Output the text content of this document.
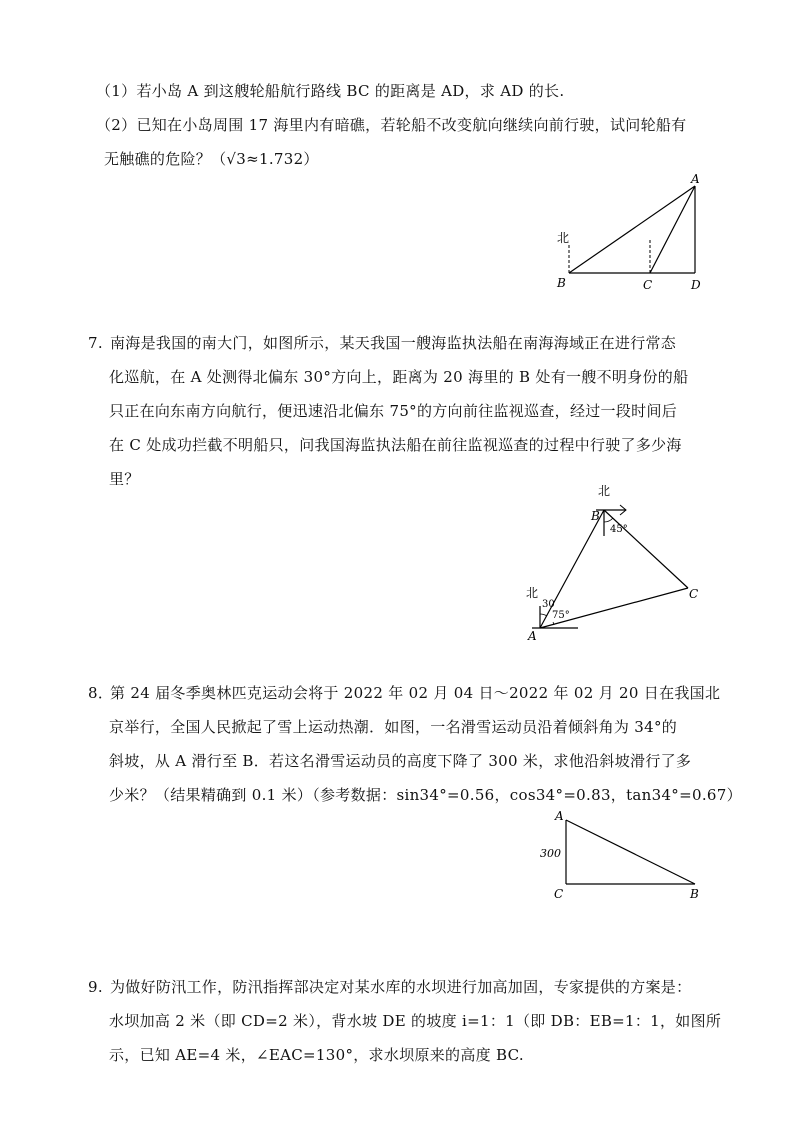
（1）若小岛 A 到这艘轮船航行路线 BC 的距离是 AD，求 AD 的长.
（2）已知在小岛周围 17 海里内有暗礁，若轮船不改变航向继续向前行驶，试问轮船有
无触礁的危险？（√3≈1.732）
北
A
B	C	D
7. 南海是我国的南大门，如图所示，某天我国一艘海监执法船在南海海域正在进行常态
化巡航，在 A 处测得北偏东 30°方向上，距离为 20 海里的 B 处有一艘不明身份的船
只正在向东南方向航行，便迅速沿北偏东 75°的方向前往监视巡查，经过一段时间后
在 C 处成功拦截不明船只，问我国海监执法船在前往监视巡查的过程中行驶了多少海
里？
北
北
B
45°
C
30
75°
A
8．第 24 届冬季奥林匹克运动会将于 2022 年 02 月 04 日～2022 年 02 月 20 日在我国北
京举行，全国人民掀起了雪上运动热潮．如图，一名滑雪运动员沿着倾斜角为 34°的
斜坡，从 A 滑行至 B．若这名滑雪运动员的高度下降了 300 米，求他沿斜坡滑行了多
少米？（结果精确到 0.1 米）（参考数据：sin34°=0.56，cos34°=0.83，tan34°=0.67）
A
C	B
300
9. 为做好防汛工作，防汛指挥部决定对某水库的水坝进行加高加固，专家提供的方案是：
水坝加高 2 米（即 CD=2 米），背水坡 DE 的坡度 i=1：1（即 DB：EB=1：1，如图所
示，已知 AE=4 米，∠EAC=130°，求水坝原来的高度 BC.
